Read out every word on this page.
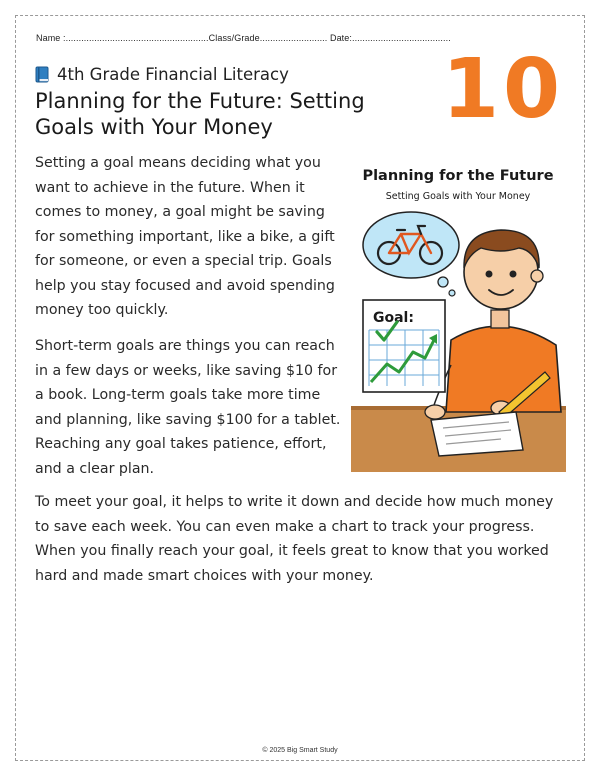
Name :.......................................................Class/Grade.......................... Date:......................................
4th Grade Financial Literacy
Planning for the Future: Setting Goals with Your Money	10

Setting a goal means deciding what you want to achieve in the future. When it comes to money, a goal might be saving for something important, like a bike, a gift for someone, or even a special trip. Goals help you stay focused and avoid spending money too quickly.

Short-term goals are things you can reach in a few days or weeks, like saving $10 for a book. Long-term goals take more time and planning, like saving $100 for a tablet. Reaching any goal takes patience, effort, and a clear plan.

Planning for the Future
Setting Goals with Your Money
Goal:

To meet your goal, it helps to write it down and decide how much money to save each week. You can even make a chart to track your progress. When you finally reach your goal, it feels great to know that you worked hard and made smart choices with your money.

© 2025 Big Smart Study
